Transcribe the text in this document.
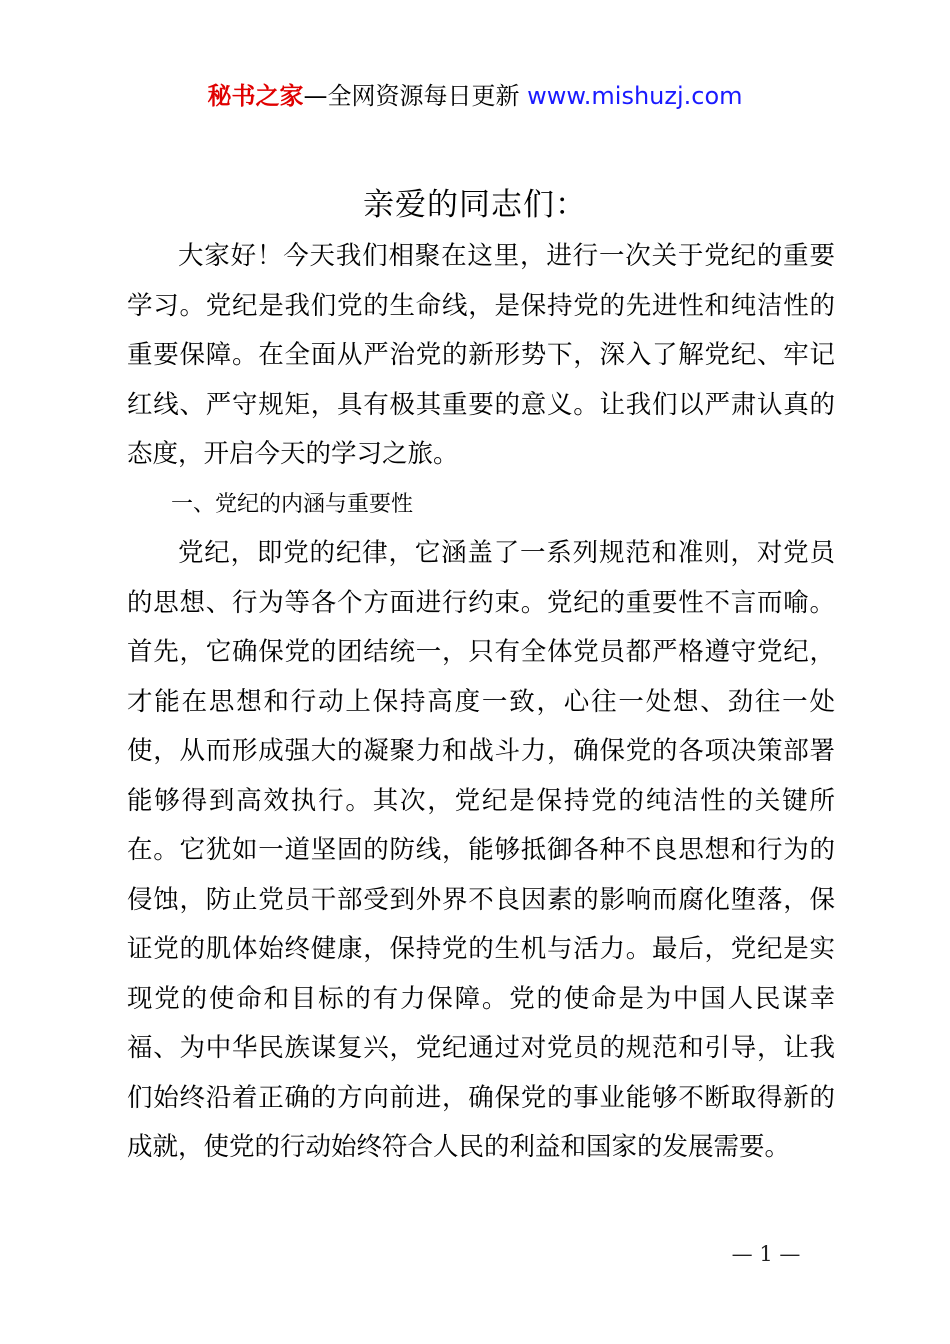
秘书之家—全网资源每日更新 www.mishuzj.com
亲爱的同志们：

大家好！今天我们相聚在这里，进行一次关于党纪的重要学习。党纪是我们党的生命线，是保持党的先进性和纯洁性的重要保障。在全面从严治党的新形势下，深入了解党纪、牢记红线、严守规矩，具有极其重要的意义。让我们以严肃认真的态度，开启今天的学习之旅。

一、党纪的内涵与重要性

党纪，即党的纪律，它涵盖了一系列规范和准则，对党员的思想、行为等各个方面进行约束。党纪的重要性不言而喻。首先，它确保党的团结统一，只有全体党员都严格遵守党纪，才能在思想和行动上保持高度一致，心往一处想、劲往一处使，从而形成强大的凝聚力和战斗力，确保党的各项决策部署能够得到高效执行。其次，党纪是保持党的纯洁性的关键所在。它犹如一道坚固的防线，能够抵御各种不良思想和行为的侵蚀，防止党员干部受到外界不良因素的影响而腐化堕落，保证党的肌体始终健康，保持党的生机与活力。最后，党纪是实现党的使命和目标的有力保障。党的使命是为中国人民谋幸福、为中华民族谋复兴，党纪通过对党员的规范和引导，让我们始终沿着正确的方向前进，确保党的事业能够不断取得新的成就，使党的行动始终符合人民的利益和国家的发展需要。

— 1 —
